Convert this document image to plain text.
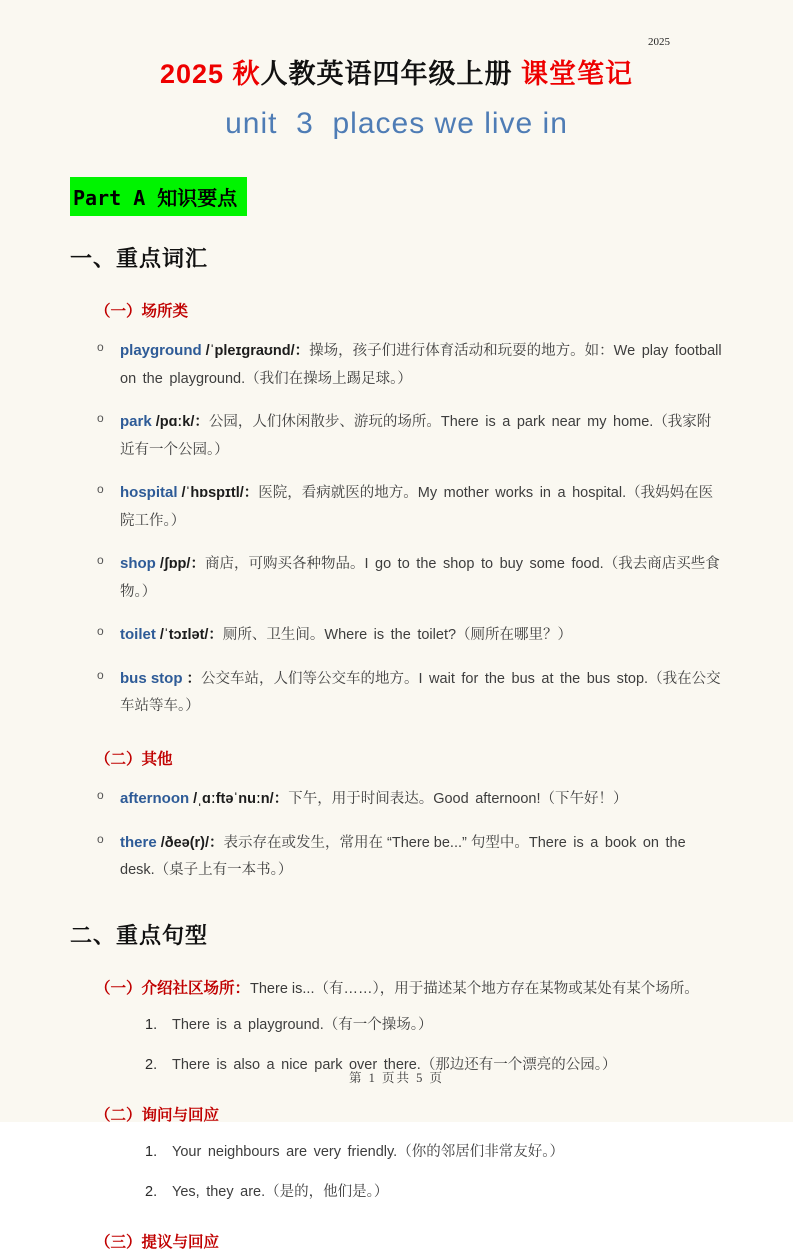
2025
2025 秋人教英语四年级上册 课堂笔记
unit  3  places we live in
Part A 知识要点
一、重点词汇
（一）场所类
o	playground /ˈpleɪɡraʊnd/：操场，孩子们进行体育活动和玩耍的地方。如：We play football on the playground.（我们在操场上踢足球。）
o	park /pɑːk/：公园，人们休闲散步、游玩的场所。There is a park near my home.（我家附近有一个公园。）
o	hospital /ˈhɒspɪtl/：医院，看病就医的地方。My mother works in a hospital.（我妈妈在医院工作。）
o	shop /ʃɒp/：商店，可购买各种物品。I go to the shop to buy some food.（我去商店买些食物。）
o	toilet /ˈtɔɪlət/：厕所、卫生间。Where is the toilet?（厕所在哪里？）
o	bus stop ：公交车站，人们等公交车的地方。I wait for the bus at the bus stop.（我在公交车站等车。）
（二）其他
o	afternoon /ˌɑːftəˈnuːn/：下午，用于时间表达。Good afternoon!（下午好！）
o	there /ðeə(r)/：表示存在或发生，常用在 “There be...” 句型中。There is a book on the desk.（桌子上有一本书。）
二、重点句型
（一）介绍社区场所：There is...（有……），用于描述某个地方存在某物或某处有某个场所。
1.	There is a playground.（有一个操场。）
2.	There is also a nice park over there.（那边还有一个漂亮的公园。）
（二）询问与回应
1.	Your neighbours are very friendly.（你的邻居们非常友好。）
2.	Yes, they are.（是的，他们是。）
（三）提议与回应
第 1 页共 5 页
